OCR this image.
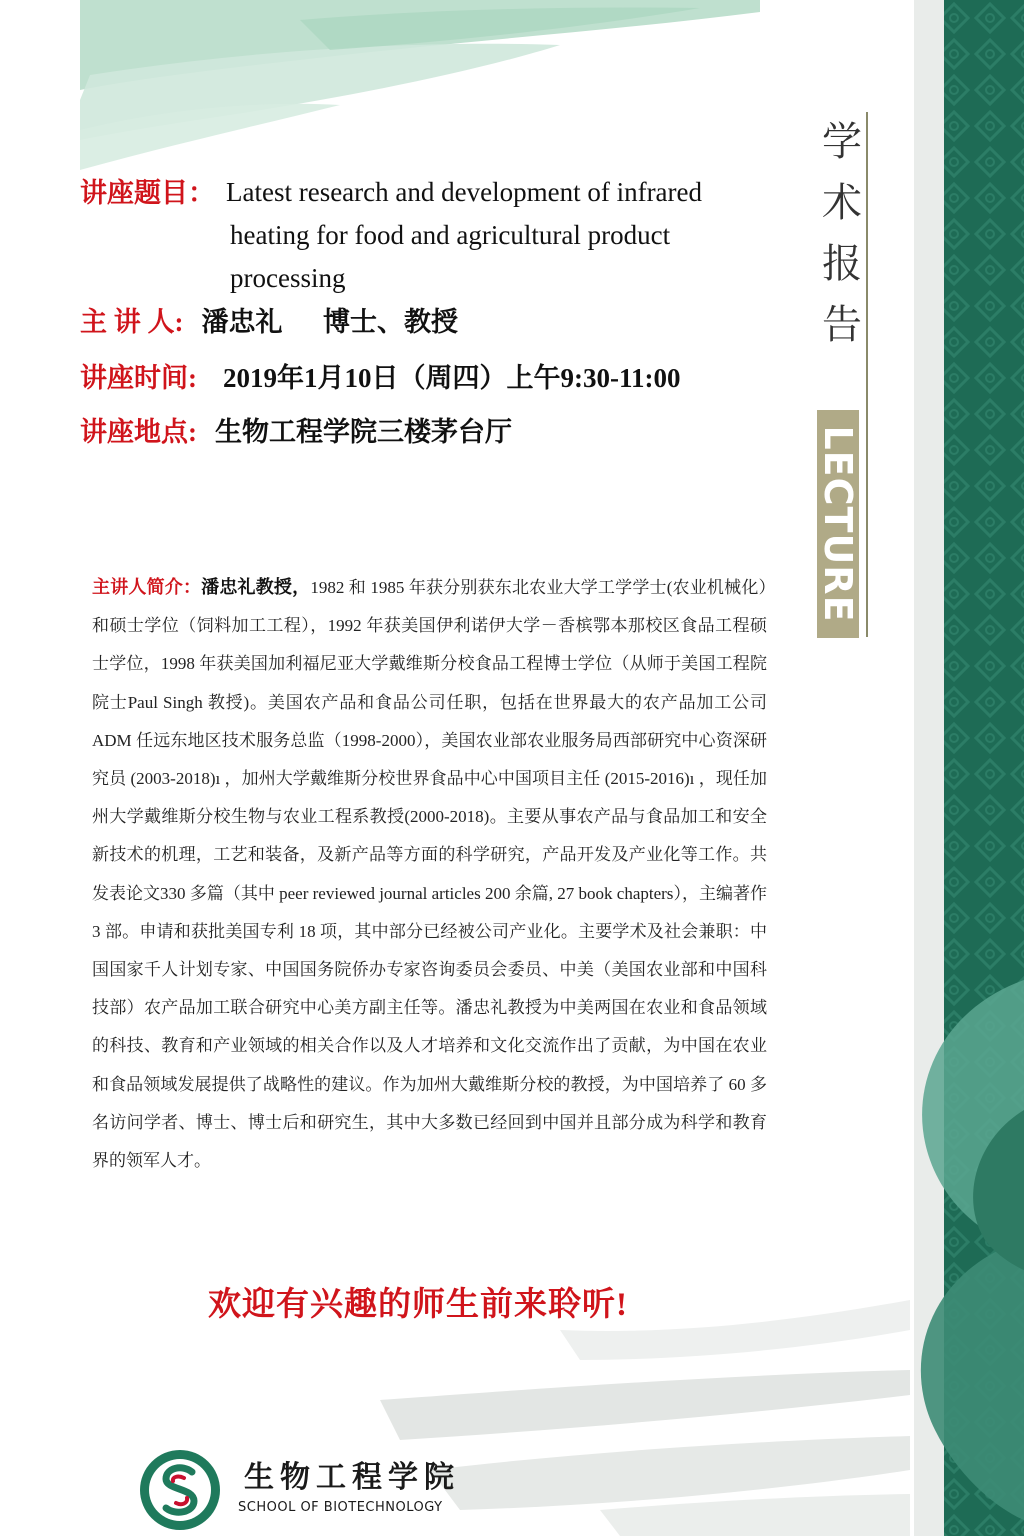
讲座题目： Latest research and development of infrared
heating for food and agricultural product
processing
主 讲 人: 潘忠礼      博士、教授
讲座时间: 2019年1月10日（周四）上午9:30-11:00
讲座地点: 生物工程学院三楼茅台厅
主讲人简介：潘忠礼教授，1982 和 1985 年获分别获东北农业大学工学学士(农业机械化）和硕士学位（饲料加工工程），1992 年获美国伊利诺伊大学－香槟鄂本那校区食品工程硕士学位，1998 年获美国加利福尼亚大学戴维斯分校食品工程博士学位（从师于美国工程院院士Paul Singh 教授)。美国农产品和食品公司任职，包括在世界最大的农产品加工公司 ADM 任远东地区技术服务总监（1998-2000），美国农业部农业服务局西部研究中心资深研究员 (2003-2018)ı ，加州大学戴维斯分校世界食品中心中国项目主任 (2015-2016)ı ，现任加州大学戴维斯分校生物与农业工程系教授(2000-2018)。主要从事农产品与食品加工和安全新技术的机理，工艺和装备，及新产品等方面的科学研究，产品开发及产业化等工作。共发表论文330 多篇（其中 peer reviewed journal articles 200 余篇, 27 book chapters），主编著作 3 部。申请和获批美国专利 18 项，其中部分已经被公司产业化。主要学术及社会兼职：中国国家千人计划专家、中国国务院侨办专家咨询委员会委员、中美（美国农业部和中国科技部）农产品加工联合研究中心美方副主任等。潘忠礼教授为中美两国在农业和食品领域的科技、教育和产业领域的相关合作以及人才培养和文化交流作出了贡献，为中国在农业和食品领域发展提供了战略性的建议。作为加州大戴维斯分校的教授，为中国培养了 60 多名访问学者、博士、博士后和研究生，其中大多数已经回到中国并且部分成为科学和教育界的领军人才。
欢迎有兴趣的师生前来聆听!
学
术
报
告
LECTURE
生物工程学院
SCHOOL OF BIOTECHNOLOGY
